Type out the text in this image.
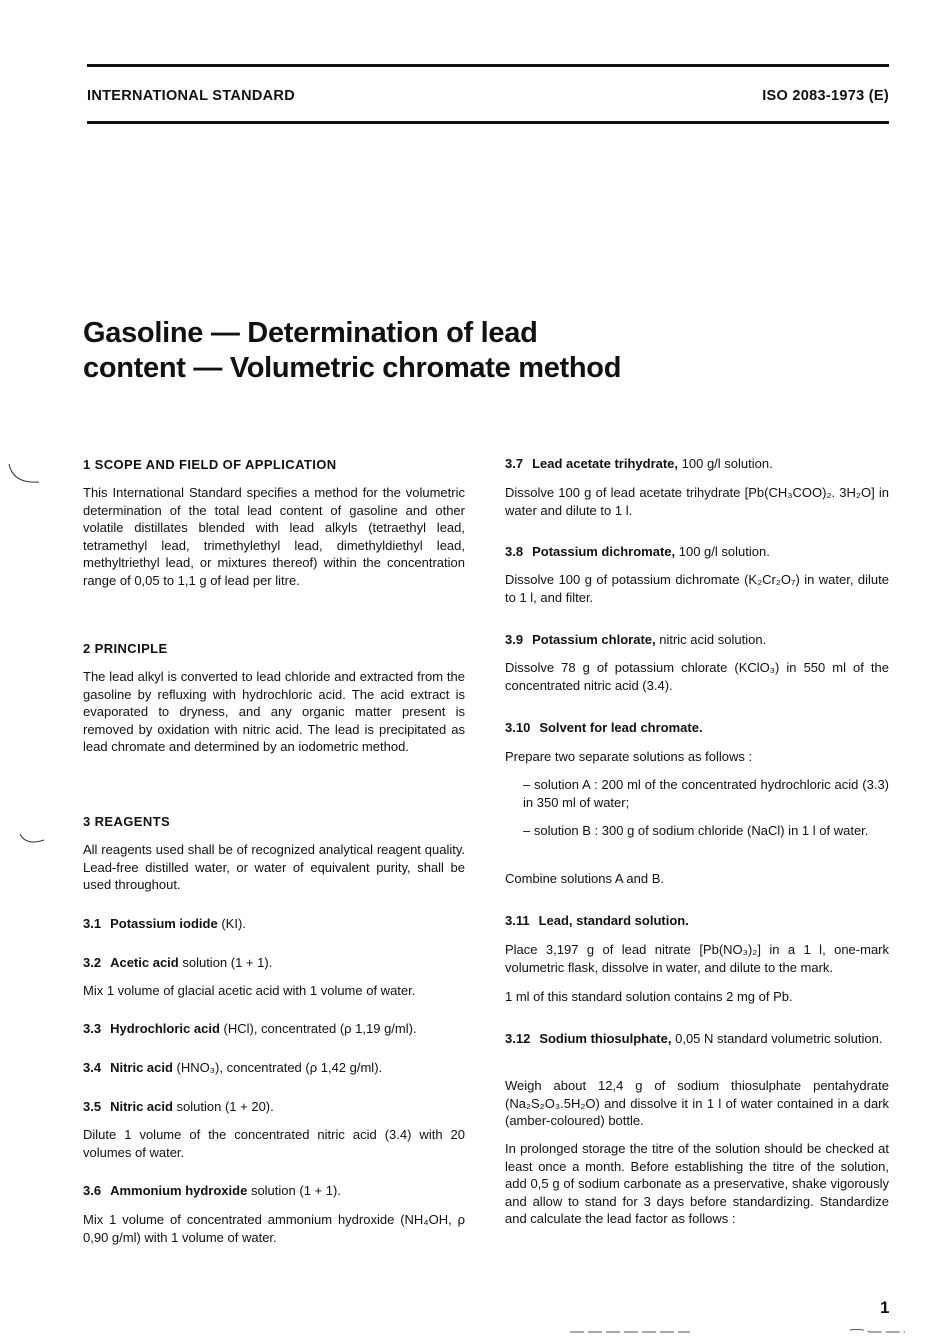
INTERNATIONAL STANDARD	ISO 2083-1973 (E)
Gasoline — Determination of lead
content — Volumetric chromate method
1 SCOPE AND FIELD OF APPLICATION
This International Standard specifies a method for the volumetric determination of the total lead content of gasoline and other volatile distillates blended with lead alkyls (tetraethyl lead, tetramethyl lead, trimethylethyl lead, dimethyldiethyl lead, methyltriethyl lead, or mixtures thereof) within the concentration range of 0,05 to 1,1 g of lead per litre.
2 PRINCIPLE
The lead alkyl is converted to lead chloride and extracted from the gasoline by refluxing with hydrochloric acid. The acid extract is evaporated to dryness, and any organic matter present is removed by oxidation with nitric acid. The lead is precipitated as lead chromate and determined by an iodometric method.
3 REAGENTS
All reagents used shall be of recognized analytical reagent quality. Lead-free distilled water, or water of equivalent purity, shall be used throughout.
3.1 Potassium iodide (KI).
3.2 Acetic acid solution (1 + 1).
Mix 1 volume of glacial acetic acid with 1 volume of water.
3.3 Hydrochloric acid (HCl), concentrated (ρ 1,19 g/ml).
3.4 Nitric acid (HNO₃), concentrated (ρ 1,42 g/ml).
3.5 Nitric acid solution (1 + 20).
Dilute 1 volume of the concentrated nitric acid (3.4) with 20 volumes of water.
3.6 Ammonium hydroxide solution (1 + 1).
Mix 1 volume of concentrated ammonium hydroxide (NH₄OH, ρ 0,90 g/ml) with 1 volume of water.
3.7 Lead acetate trihydrate, 100 g/l solution.
Dissolve 100 g of lead acetate trihydrate [Pb(CH₃COO)₂. 3H₂O] in water and dilute to 1 l.
3.8 Potassium dichromate, 100 g/l solution.
Dissolve 100 g of potassium dichromate (K₂Cr₂O₇) in water, dilute to 1 l, and filter.
3.9 Potassium chlorate, nitric acid solution.
Dissolve 78 g of potassium chlorate (KClO₃) in 550 ml of the concentrated nitric acid (3.4).
3.10 Solvent for lead chromate.
Prepare two separate solutions as follows :
– solution A : 200 ml of the concentrated hydrochloric acid (3.3) in 350 ml of water;
– solution B : 300 g of sodium chloride (NaCl) in 1 l of water.
Combine solutions A and B.
3.11 Lead, standard solution.
Place 3,197 g of lead nitrate [Pb(NO₃)₂] in a 1 l, one-mark volumetric flask, dissolve in water, and dilute to the mark.
1 ml of this standard solution contains 2 mg of Pb.
3.12 Sodium thiosulphate, 0,05 N standard volumetric solution.
Weigh about 12,4 g of sodium thiosulphate pentahydrate (Na₂S₂O₃.5H₂O) and dissolve it in 1 l of water contained in a dark (amber-coloured) bottle.
In prolonged storage the titre of the solution should be checked at least once a month. Before establishing the titre of the solution, add 0,5 g of sodium carbonate as a preservative, shake vigorously and allow to stand for 3 days before standardizing. Standardize and calculate the lead factor as follows :
1
